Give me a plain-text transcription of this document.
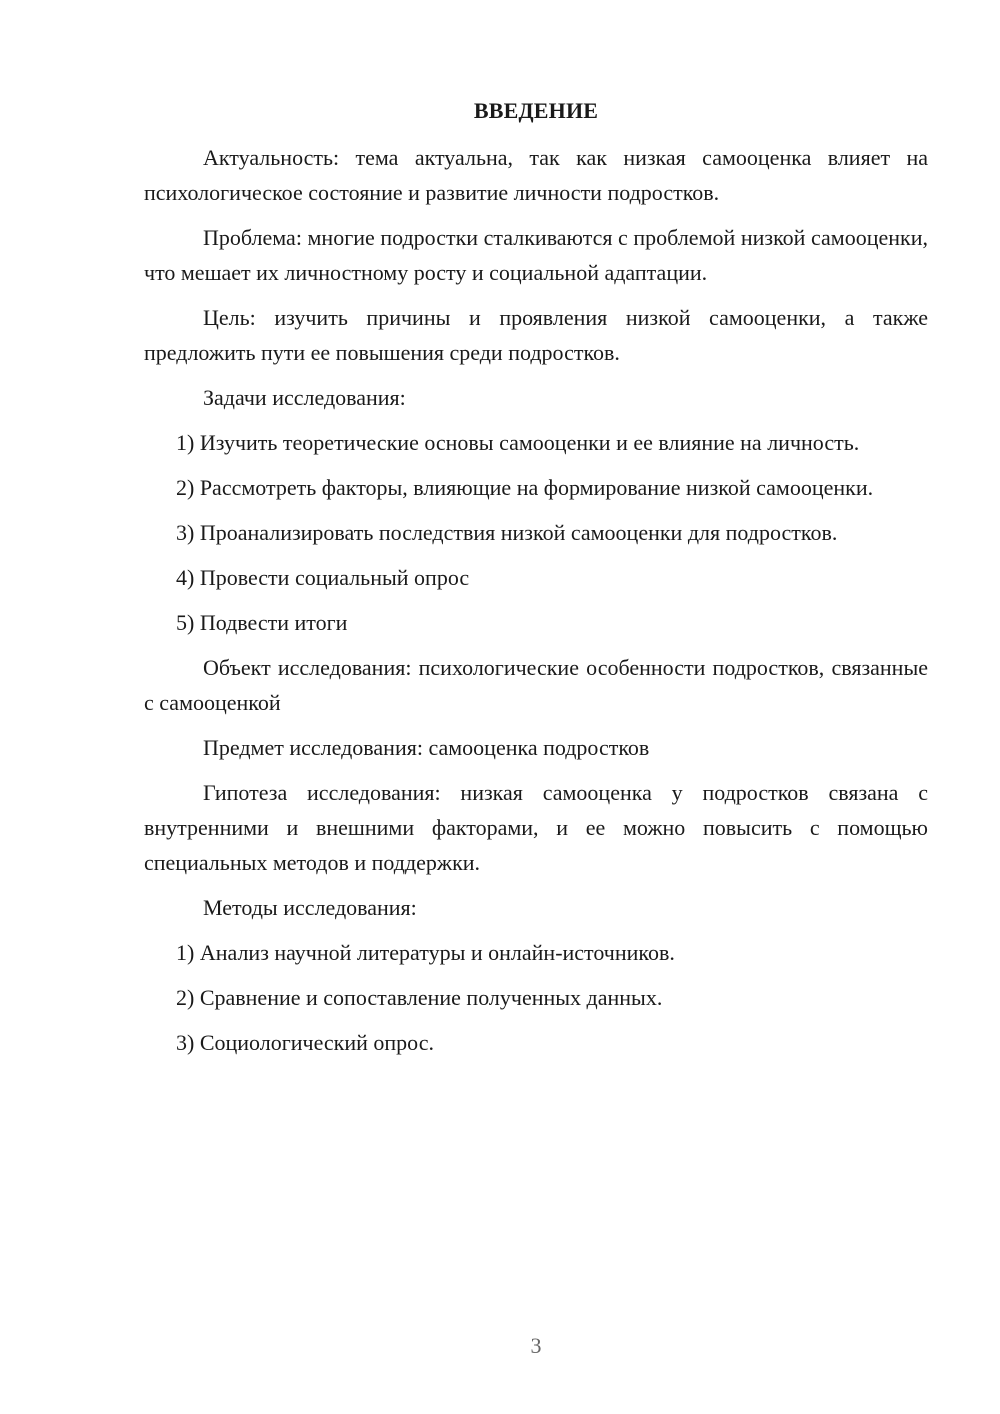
ВВЕДЕНИЕ

Актуальность: тема актуальна, так как низкая самооценка влияет на психологическое состояние и развитие личности подростков.

Проблема: многие подростки сталкиваются с проблемой низкой самооценки, что мешает их личностному росту и социальной адаптации.

Цель: изучить причины и проявления низкой самооценки, а также предложить пути ее повышения среди подростков.

Задачи исследования:

1) Изучить теоретические основы самооценки и ее влияние на личность.

2) Рассмотреть факторы, влияющие на формирование низкой самооценки.

3) Проанализировать последствия низкой самооценки для подростков.

4) Провести социальный опрос

5) Подвести итоги

Объект исследования: психологические особенности подростков, связанные с самооценкой

Предмет исследования: самооценка подростков

Гипотеза исследования: низкая самооценка у подростков связана с внутренними и внешними факторами, и ее можно повысить с помощью специальных методов и поддержки.

Методы исследования:

1) Анализ научной литературы и онлайн-источников.

2) Сравнение и сопоставление полученных данных.

3) Социологический опрос.

3
